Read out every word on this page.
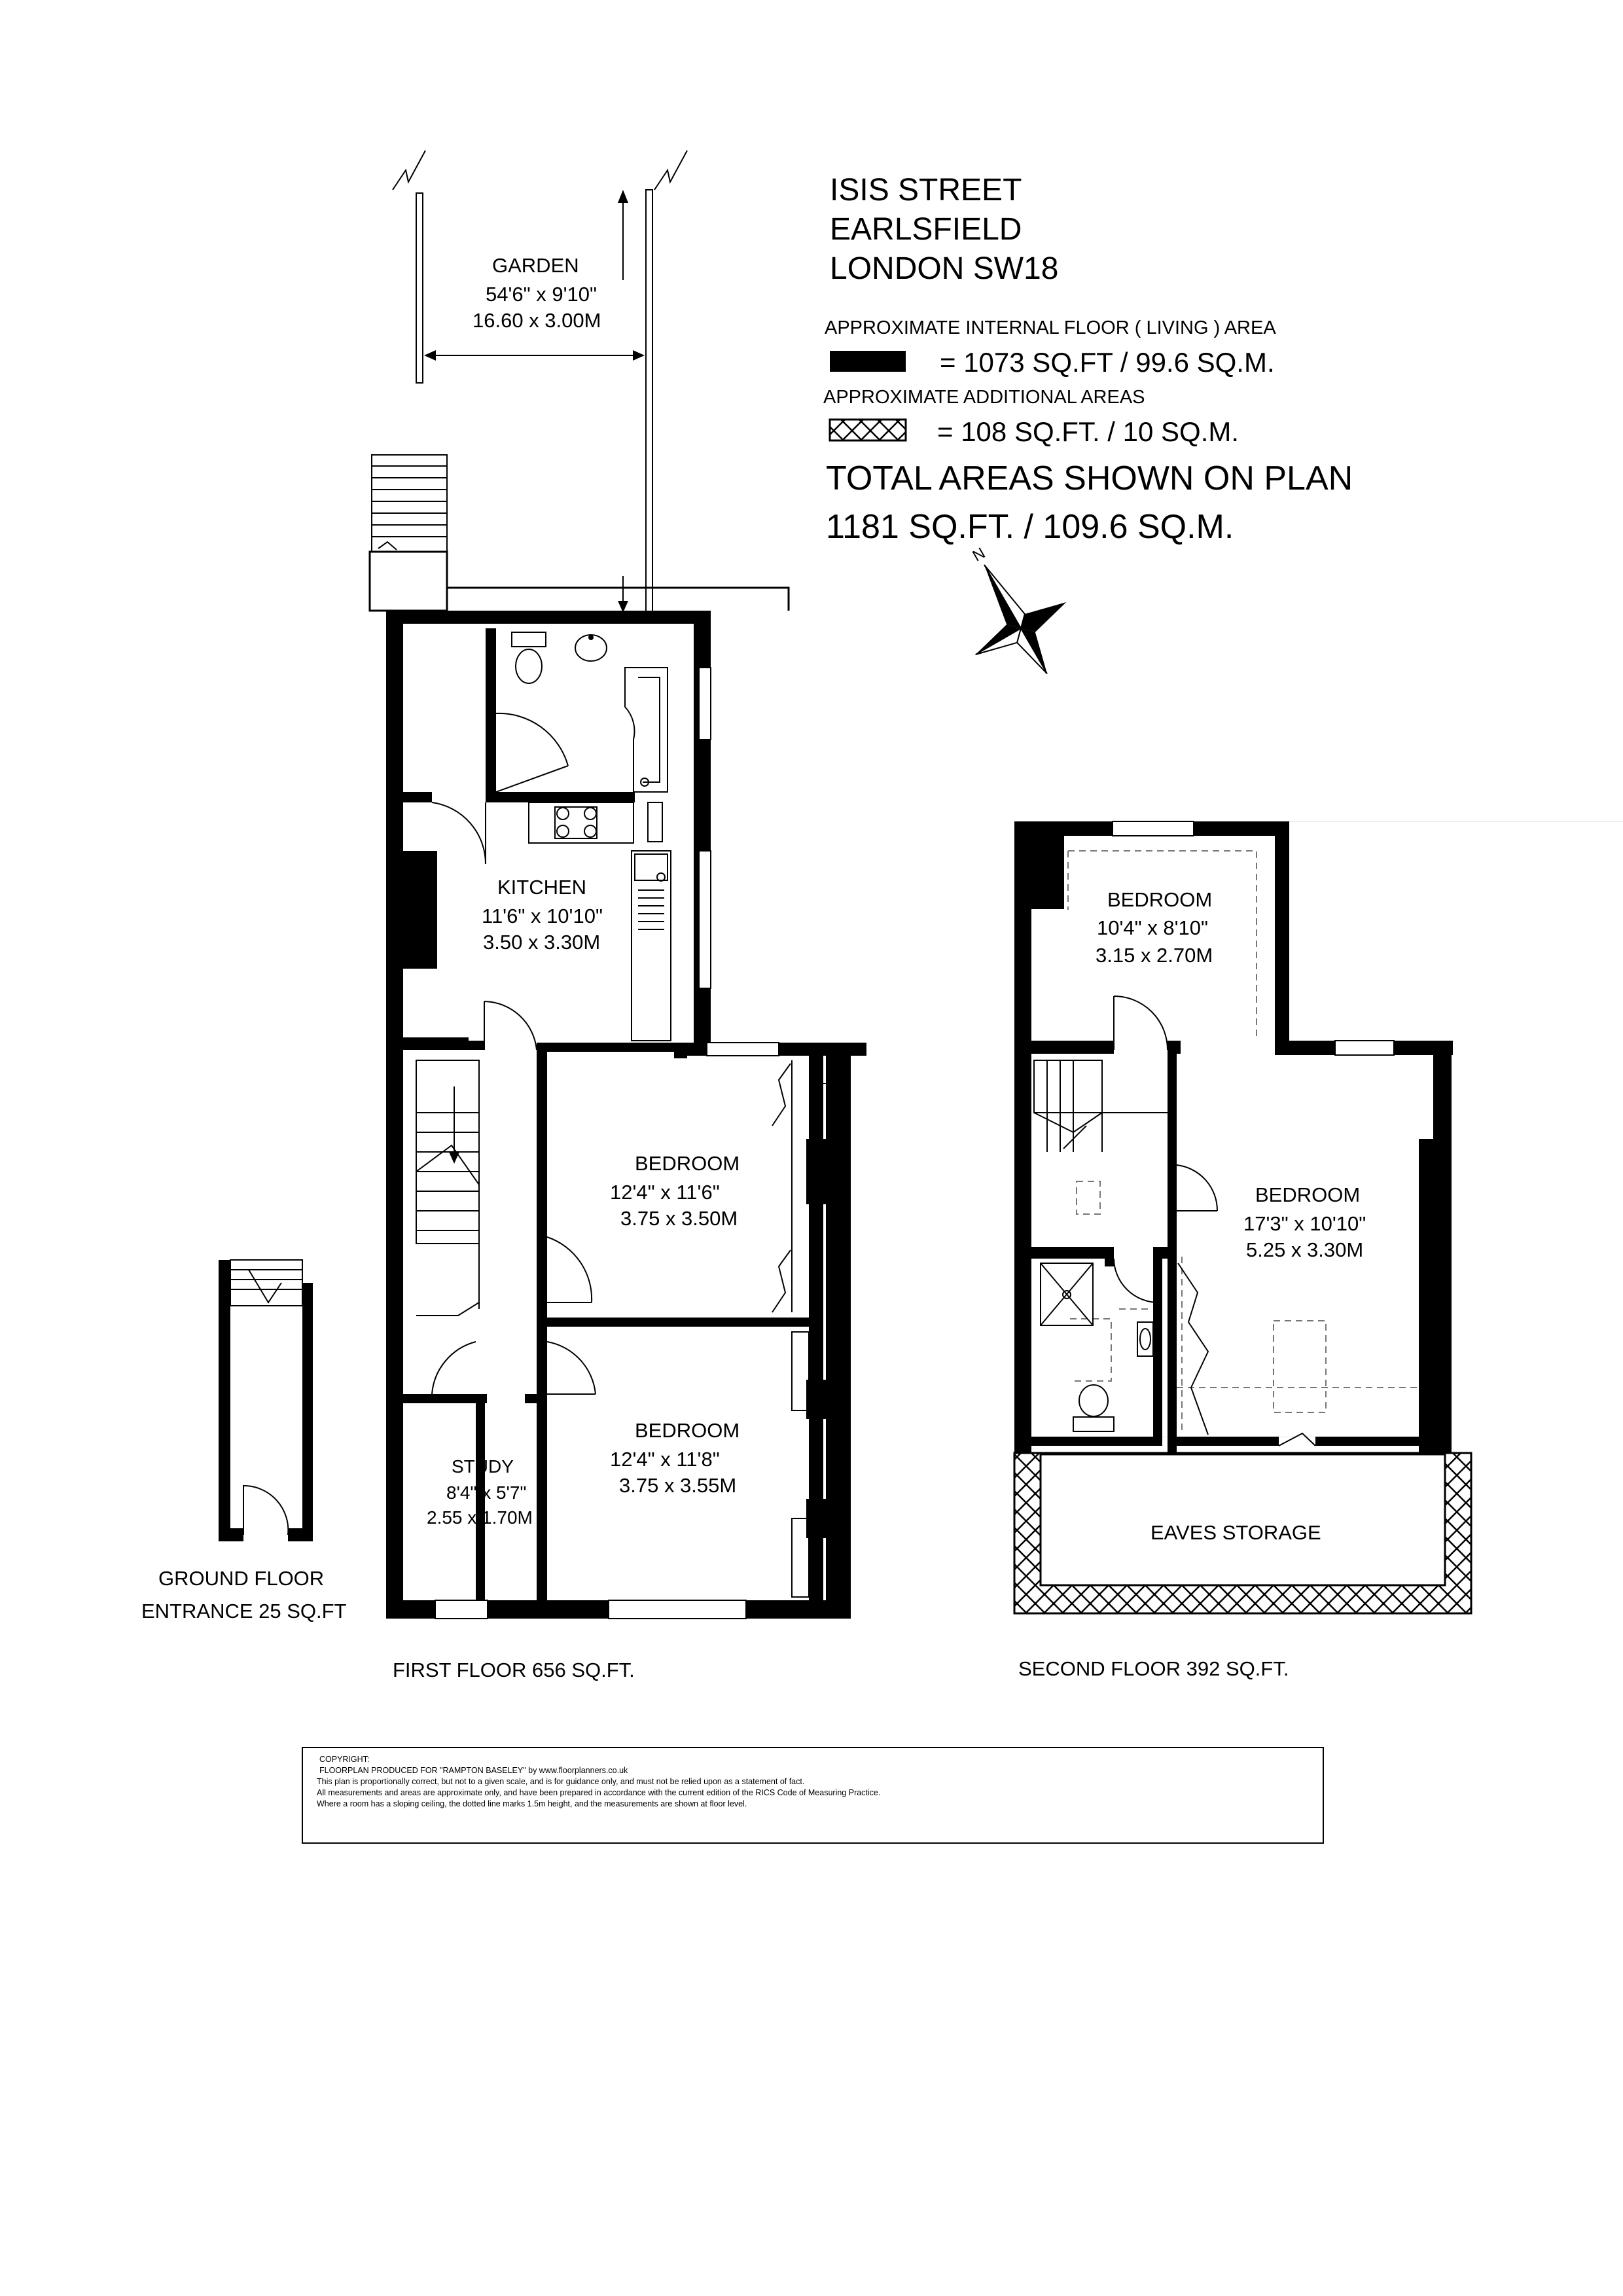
ISIS STREET
EARLSFIELD
LONDON SW18
APPROXIMATE INTERNAL FLOOR ( LIVING ) AREA
= 1073 SQ.FT / 99.6 SQ.M.
APPROXIMATE ADDITIONAL AREAS
= 108 SQ.FT. / 10 SQ.M.
TOTAL AREAS SHOWN ON PLAN
1181 SQ.FT. / 109.6 SQ.M.
N
GARDEN
54'6" x 9'10"
16.60 x 3.00M
KITCHEN
11'6" x 10'10"
3.50 x 3.30M
BEDROOM
12'4" x 11'6"
3.75 x 3.50M
BEDROOM
12'4" x 11'8"
3.75 x 3.55M
STUDY
8'4" x 5'7"
2.55 x 1.70M
FIRST FLOOR 656 SQ.FT.
GROUND FLOOR
ENTRANCE 25 SQ.FT
BEDROOM
10'4" x 8'10"
3.15 x 2.70M
BEDROOM
17'3" x 10'10"
5.25 x 3.30M
EAVES STORAGE
SECOND FLOOR 392 SQ.FT.
COPYRIGHT:
FLOORPLAN PRODUCED FOR "RAMPTON BASELEY" by www.floorplanners.co.uk
This plan is proportionally correct, but not to a given scale, and is for guidance only, and must not be relied upon as a statement of fact.
All measurements and areas are approximate only, and have been prepared in accordance with the current edition of the RICS Code of Measuring Practice.
Where a room has a sloping ceiling, the dotted line marks 1.5m height, and the measurements are shown at floor level.
